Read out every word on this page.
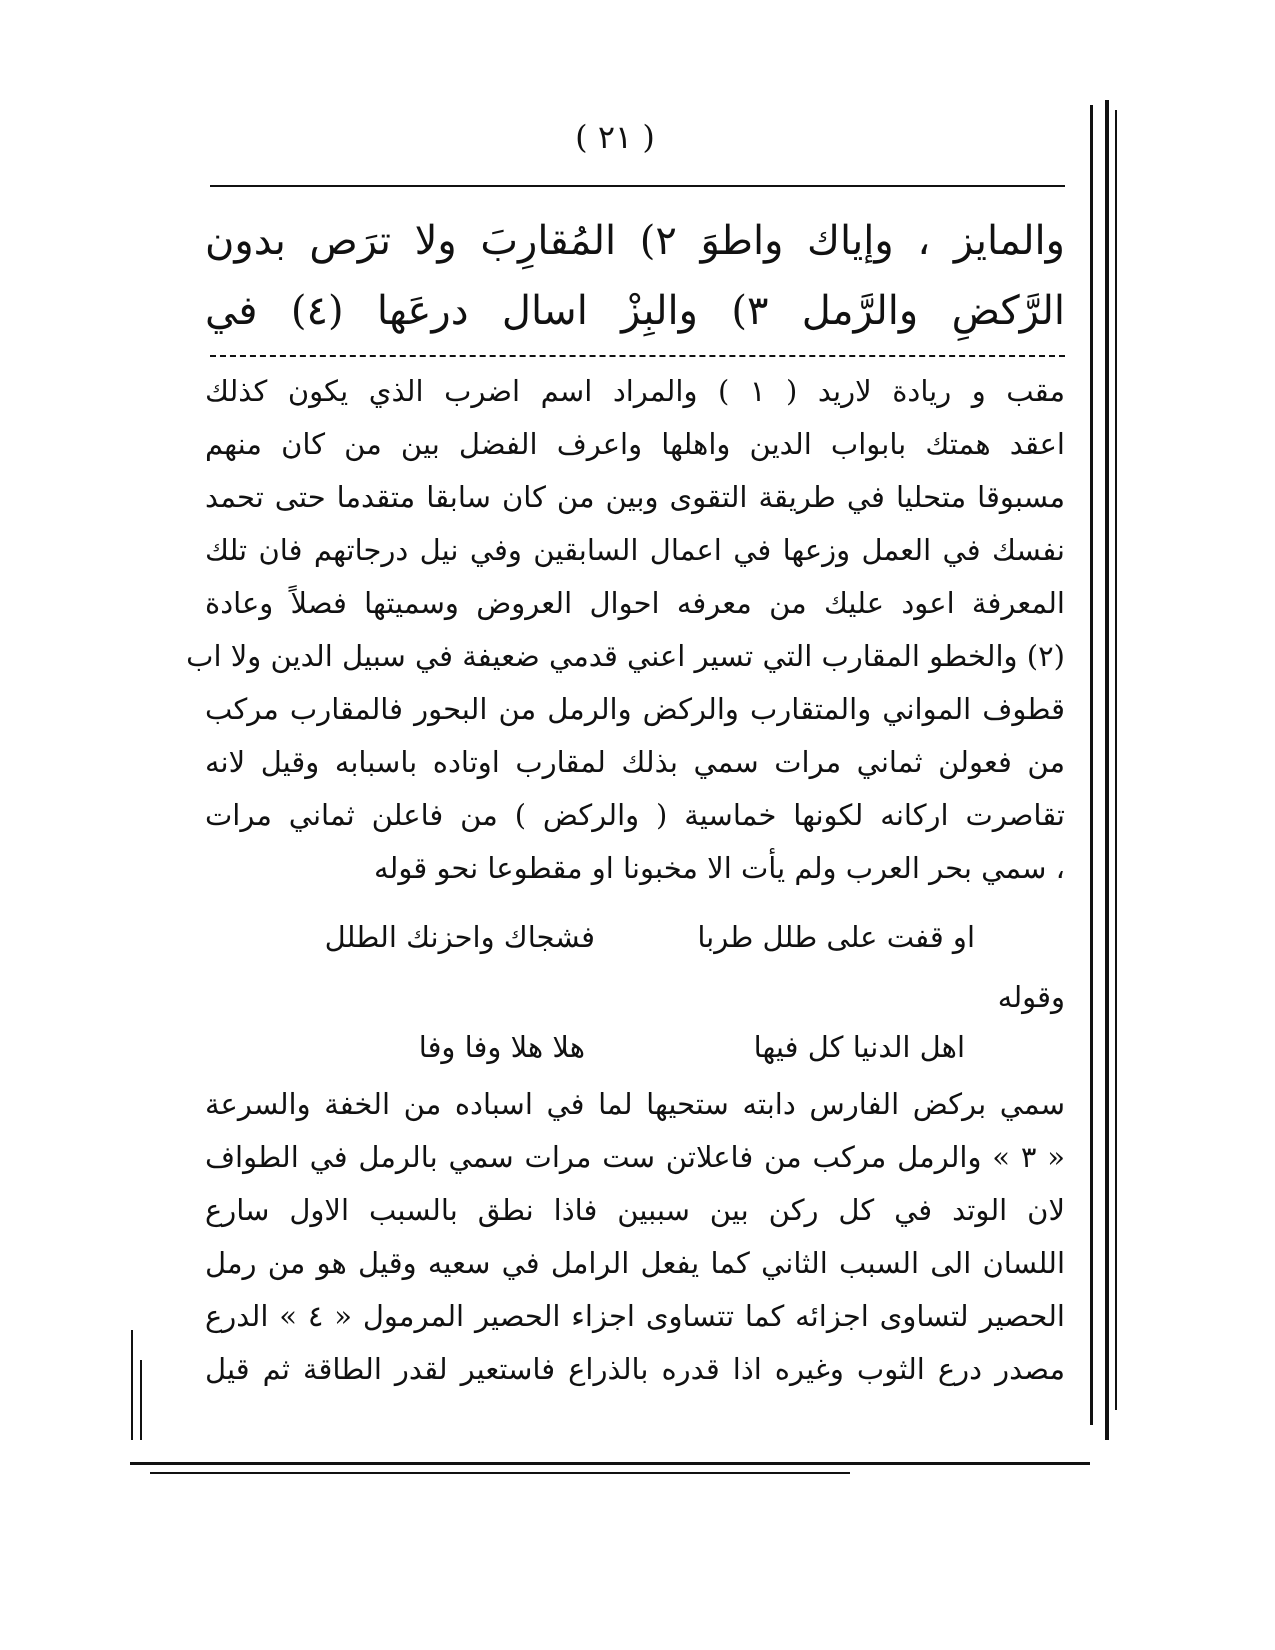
( ٢١ )
والمايز ، وإياك واطوَ ٢) المُقارِبَ ولا ترَص بدون
الرَّكضِ والرَّمل ٣) والبِزْ اسال درعَها (٤) في
مقب و ريادة لاريد ( ١ ) والمراد اسم اضرب الذي يكون كذلك
اعقد همتك بابواب الدين واهلها واعرف الفضل بين من كان منهم
مسبوقا متحليا في طريقة التقوى وبين من كان سابقا متقدما حتى تحمد
نفسك في العمل وزعها في اعمال السابقين وفي نيل درجاتهم فان تلك
المعرفة اعود عليك من معرفه احوال العروض وسميتها فصلاً وعادة
(٢) والخطو المقارب التي تسير اعني قدمي ضعيفة في سبيل الدين ولا اب
قطوف المواني والمتقارب والركض والرمل من البحور فالمقارب مركب
من فعولن ثماني مرات سمي بذلك لمقارب اوتاده باسبابه وقيل لانه
تقاصرت اركانه لكونها خماسية ( والركض ) من فاعلن ثماني مرات
، سمي بحر العرب ولم يأت الا مخبونا او مقطوعا نحو قوله
او قفت على طلل طربا
فشجاك واحزنك الطلل
وقوله
اهل الدنيا كل فيها
هلا هلا وفا وفا
سمي بركض الفارس دابته ستحيها لما في اسباده من الخفة والسرعة
« ٣ » والرمل مركب من فاعلاتن ست مرات سمي بالرمل في الطواف
لان الوتد في كل ركن بين سببين فاذا نطق بالسبب الاول سارع
اللسان الى السبب الثاني كما يفعل الرامل في سعيه وقيل هو من رمل
الحصير لتساوى اجزائه كما تتساوى اجزاء الحصير المرمول « ٤ » الدرع
مصدر درع الثوب وغيره اذا قدره بالذراع فاستعير لقدر الطاقة ثم قيل
